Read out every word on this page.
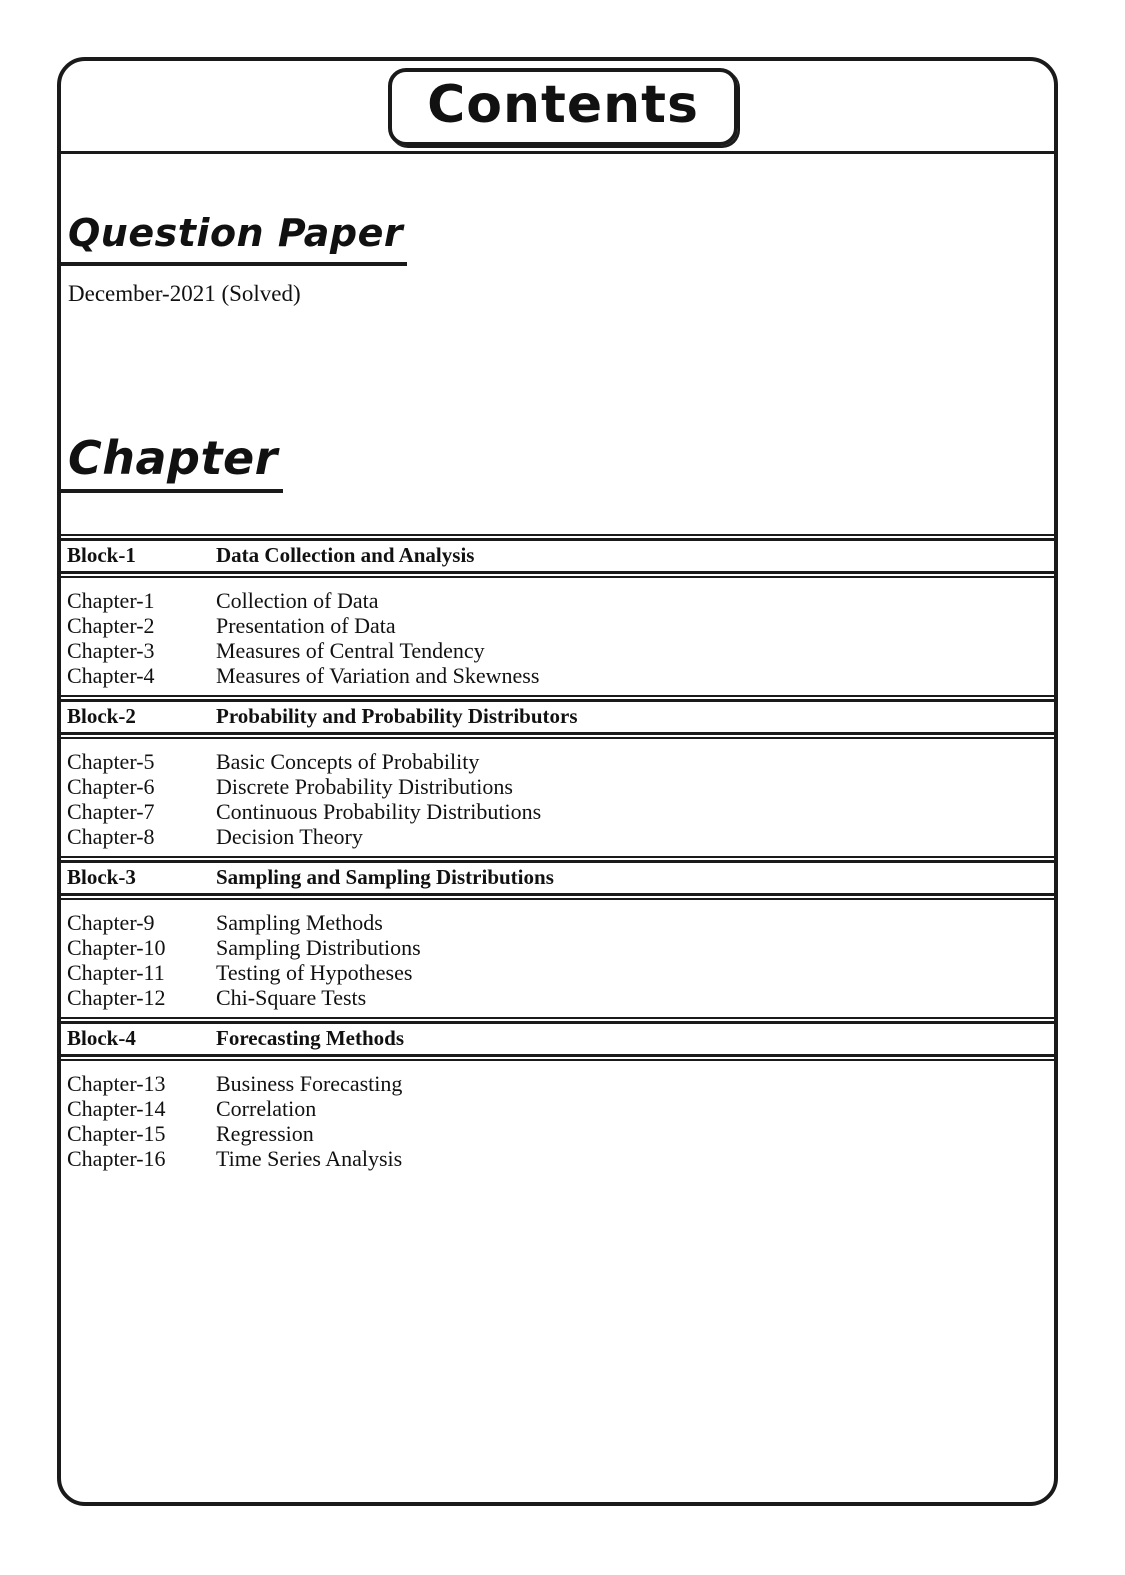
Contents
Question Paper
December-2021 (Solved)
Chapter
Block-1	Data Collection and Analysis
Chapter-1	Collection of Data
Chapter-2	Presentation of Data
Chapter-3	Measures of Central Tendency
Chapter-4	Measures of Variation and Skewness
Block-2	Probability and Probability Distributors
Chapter-5	Basic Concepts of Probability
Chapter-6	Discrete Probability Distributions
Chapter-7	Continuous Probability Distributions
Chapter-8	Decision Theory
Block-3	Sampling and Sampling Distributions
Chapter-9	Sampling Methods
Chapter-10 Sampling Distributions
Chapter-11 Testing of Hypotheses
Chapter-12 Chi-Square Tests
Block-4	Forecasting Methods
Chapter-13 Business Forecasting
Chapter-14 Correlation
Chapter-15 Regression
Chapter-16 Time Series Analysis
